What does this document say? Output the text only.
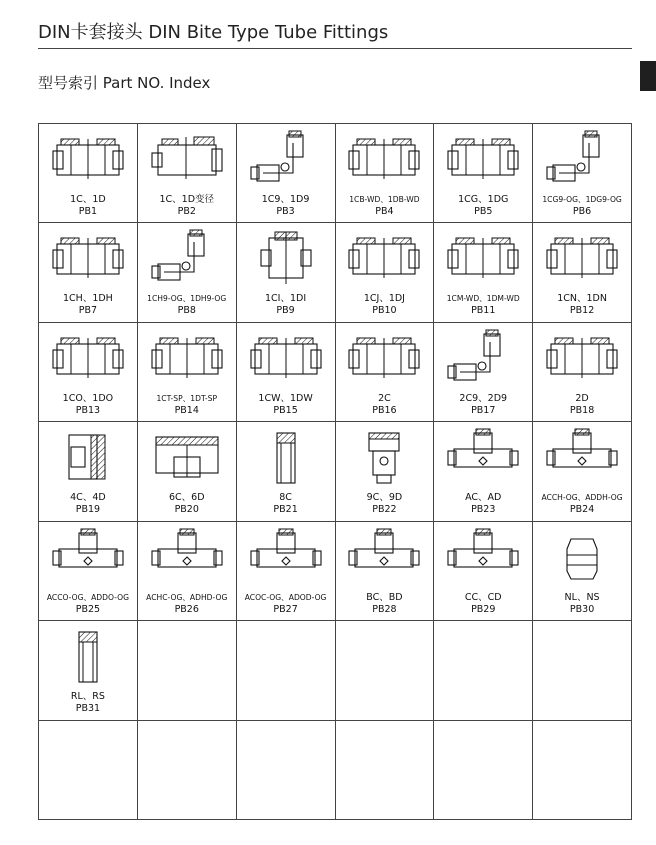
DIN卡套接头 DIN Bite Type Tube Fittings
型号索引 Part NO. Index
1C、1D
PB1
1C、1D变径
PB2
1C9、1D9
PB3
1CB-WD、1DB-WD
PB4
1CG、1DG
PB5
1CG9-OG、1DG9-OG
PB6
1CH、1DH
PB7
1CH9-OG、1DH9-OG
PB8
1CI、1DI
PB9
1CJ、1DJ
PB10
1CM-WD、1DM-WD
PB11
1CN、1DN
PB12
1CO、1DO
PB13
1CT-SP、1DT-SP
PB14
1CW、1DW
PB15
2C
PB16
2C9、2D9
PB17
2D
PB18
4C、4D
PB19
6C、6D
PB20
8C
PB21
9C、9D
PB22
AC、AD
PB23
ACCH-OG、ADDH-OG
PB24
ACCO-OG、ADDO-OG
PB25
ACHC-OG、ADHD-OG
PB26
ACOC-OG、ADOD-OG
PB27
BC、BD
PB28
CC、CD
PB29
NL、NS
PB30
RL、RS
PB31
